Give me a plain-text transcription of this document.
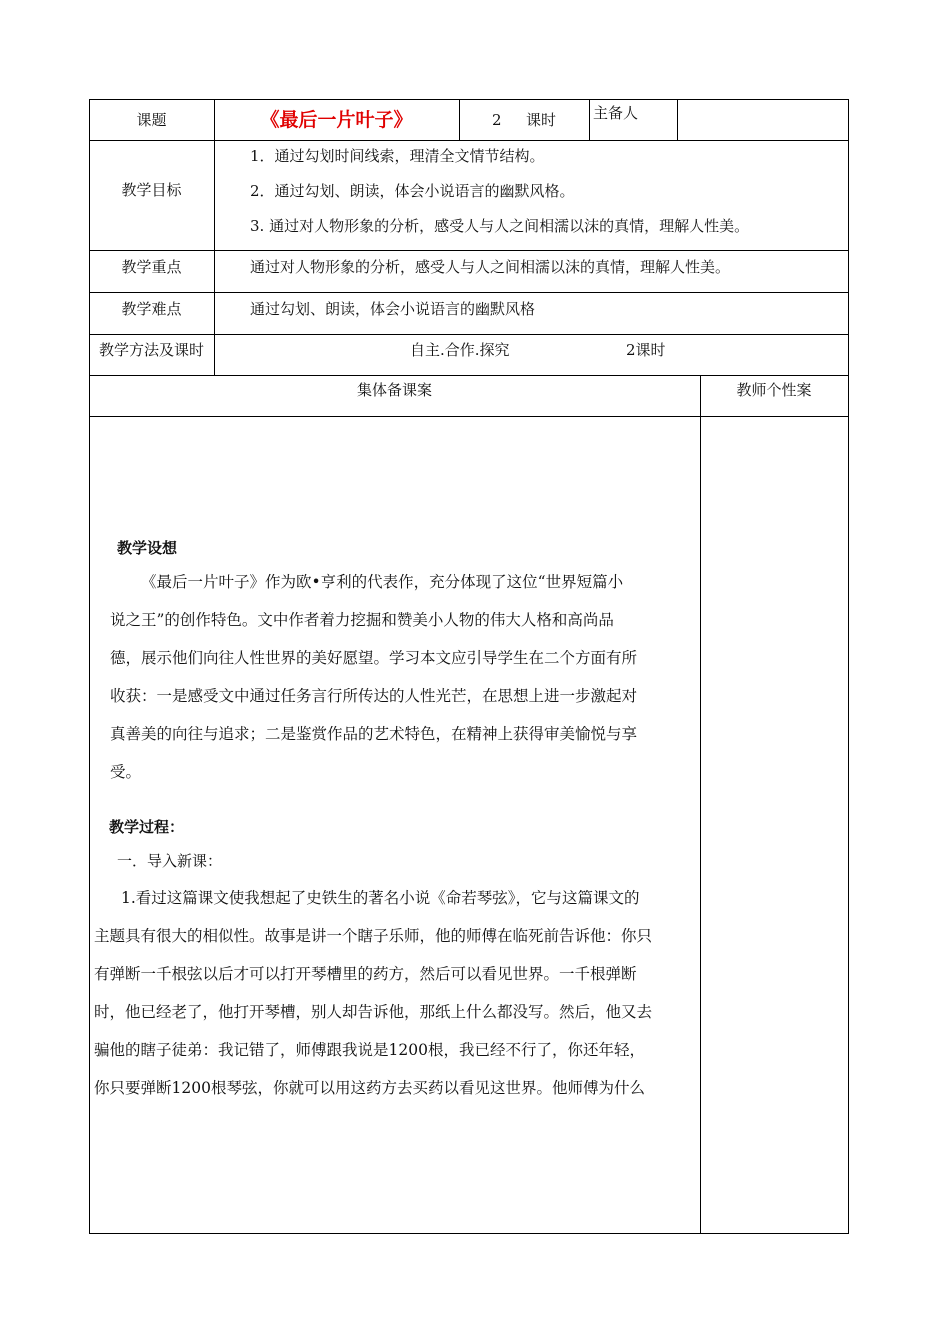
课题	《最后一片叶子》	2 课时 主备人
教学目标
1．通过勾划时间线索，理清全文情节结构。
2．通过勾划、朗读，体会小说语言的幽默风格。
3. 通过对人物形象的分析，感受人与人之间相濡以沫的真情，理解人性美。
教学重点	通过对人物形象的分析，感受人与人之间相濡以沫的真情，理解人性美。
教学难点	通过勾划、朗读，体会小说语言的幽默风格
教学方法及课时	自主.合作.探究	2课时
集体备课案	教师个性案
教学设想
《最后一片叶子》作为欧•亨利的代表作，充分体现了这位“世界短篇小
说之王”的创作特色。文中作者着力挖掘和赞美小人物的伟大人格和高尚品
德，展示他们向往人性世界的美好愿望。学习本文应引导学生在二个方面有所
收获：一是感受文中通过任务言行所传达的人性光芒，在思想上进一步激起对
真善美的向往与追求；二是鉴赏作品的艺术特色，在精神上获得审美愉悦与享
受。
教学过程：
一．导入新课：
1.看过这篇课文使我想起了史铁生的著名小说《命若琴弦》，它与这篇课文的
主题具有很大的相似性。故事是讲一个瞎子乐师，他的师傅在临死前告诉他：你只
有弹断一千根弦以后才可以打开琴槽里的药方，然后可以看见世界。一千根弹断
时，他已经老了，他打开琴槽，别人却告诉他，那纸上什么都没写。然后，他又去
骗他的瞎子徒弟：我记错了，师傅跟我说是1200根，我已经不行了，你还年轻，
你只要弹断1200根琴弦，你就可以用这药方去买药以看见这世界。他师傅为什么
